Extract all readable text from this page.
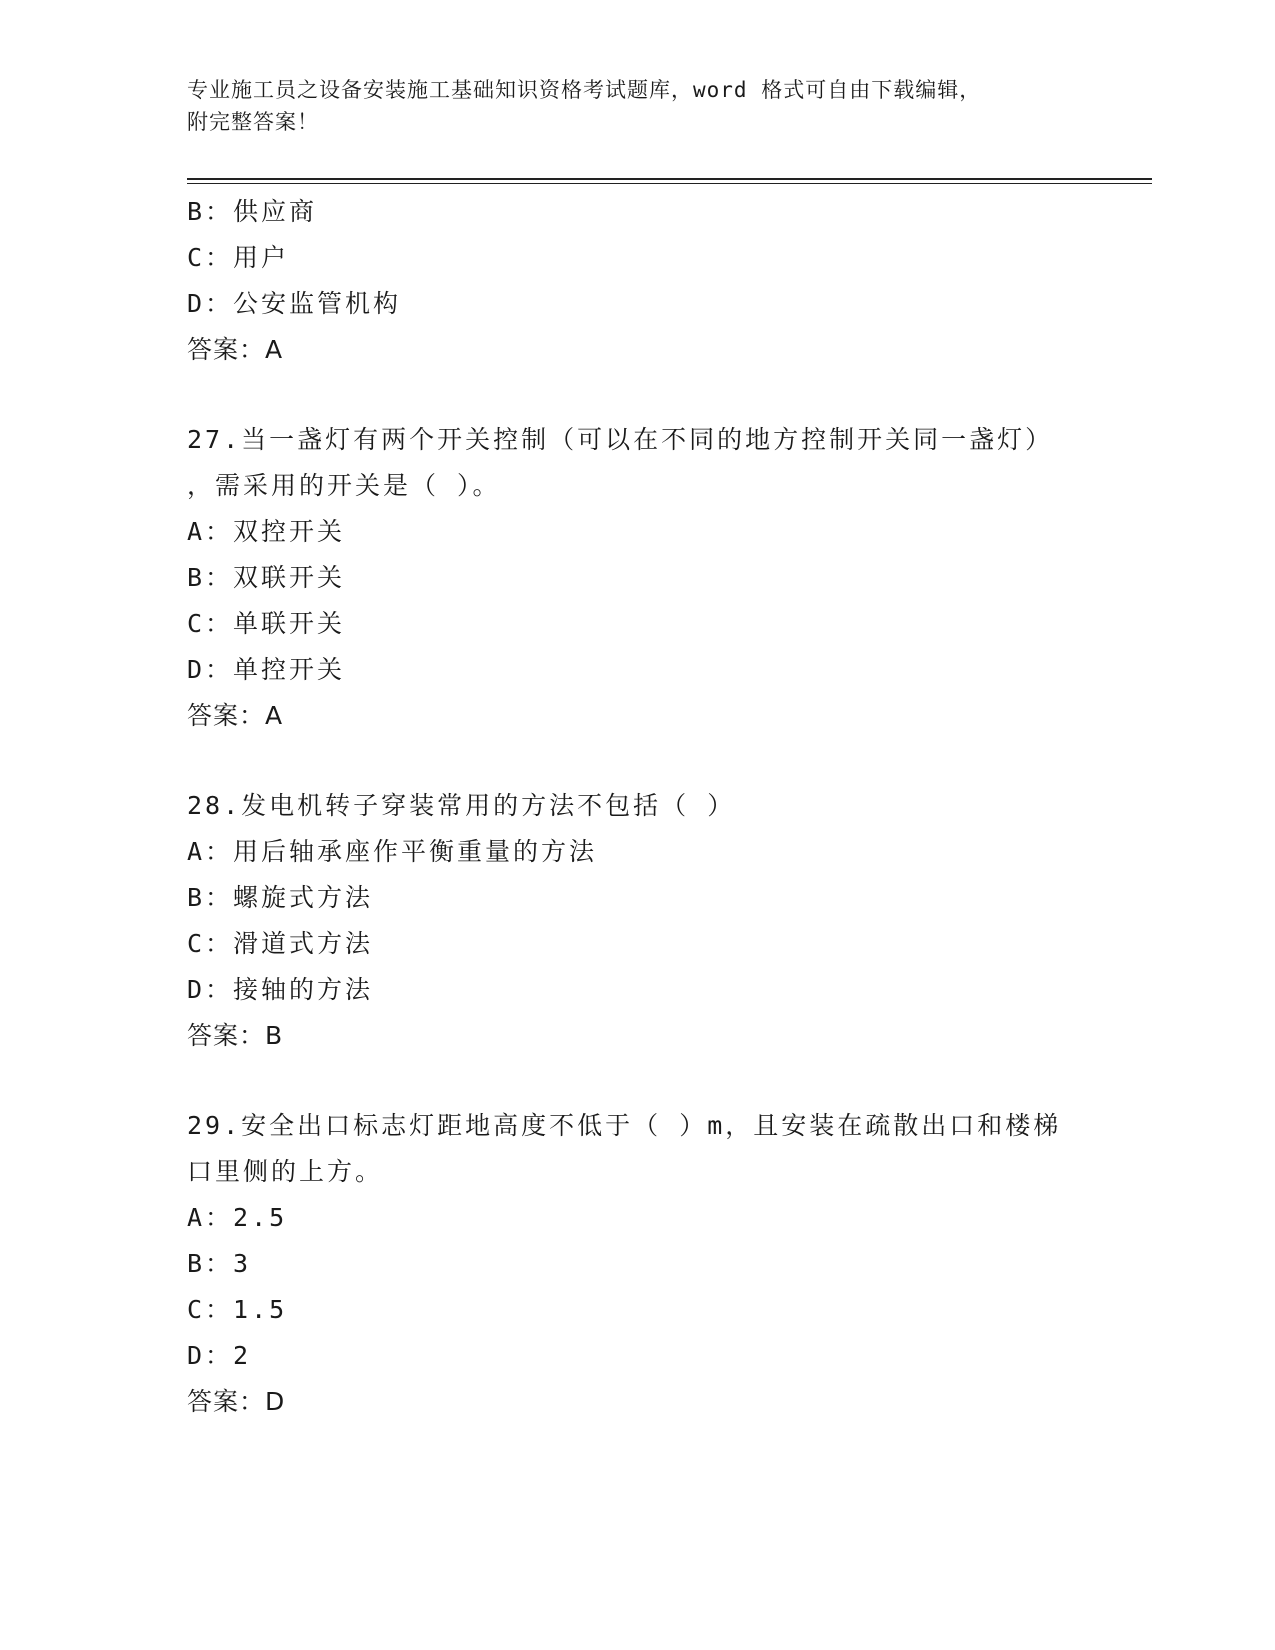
专业施工员之设备安装施工基础知识资格考试题库，word 格式可自由下载编辑，
附完整答案！
B：供应商
C：用户
D：公安监管机构
答案：A
27.当一盏灯有两个开关控制（可以在不同的地方控制开关同一盏灯）
，需采用的开关是（ ）。
A：双控开关
B：双联开关
C：单联开关
D：单控开关
答案：A
28.发电机转子穿装常用的方法不包括（ ）
A：用后轴承座作平衡重量的方法
B：螺旋式方法
C：滑道式方法
D：接轴的方法
答案：B
29.安全出口标志灯距地高度不低于（ ）m，且安装在疏散出口和楼梯
口里侧的上方。
A：2.5
B：3
C：1.5
D：2
答案：D
